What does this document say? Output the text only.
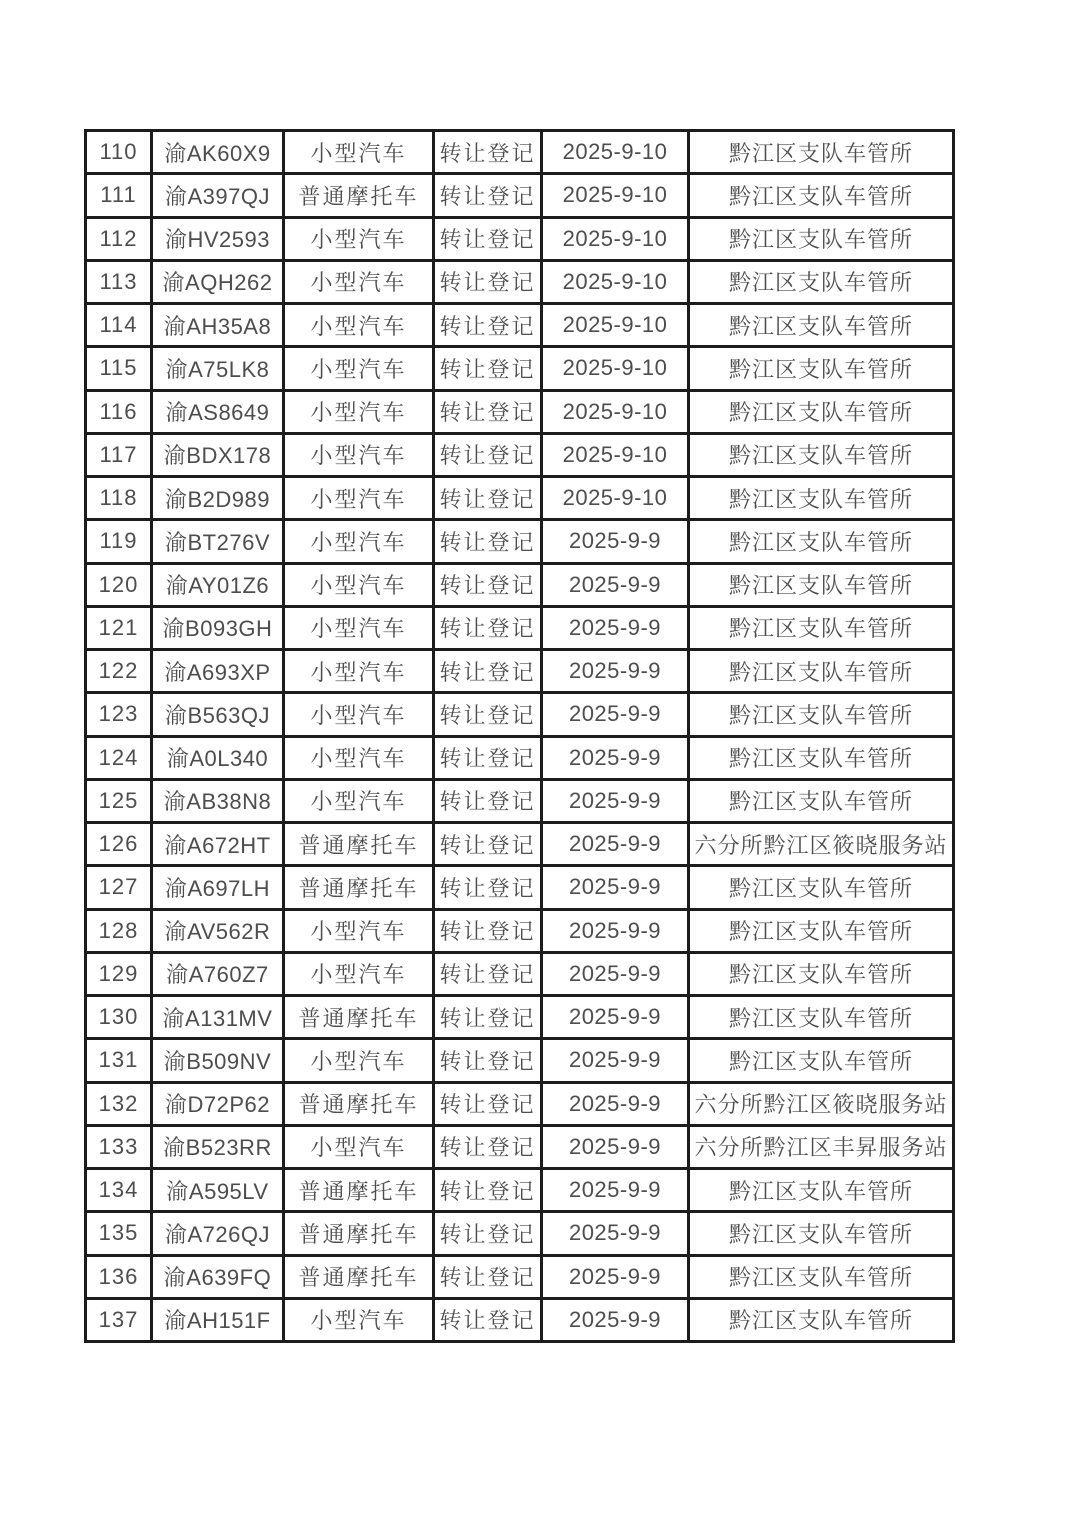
110	渝AK60X9	小型汽车	转让登记	2025-9-10	黔江区支队车管所
111	渝A397QJ	普通摩托车	转让登记	2025-9-10	黔江区支队车管所
112	渝HV2593	小型汽车	转让登记	2025-9-10	黔江区支队车管所
113	渝AQH262	小型汽车	转让登记	2025-9-10	黔江区支队车管所
114	渝AH35A8	小型汽车	转让登记	2025-9-10	黔江区支队车管所
115	渝A75LK8	小型汽车	转让登记	2025-9-10	黔江区支队车管所
116	渝AS8649	小型汽车	转让登记	2025-9-10	黔江区支队车管所
117	渝BDX178	小型汽车	转让登记	2025-9-10	黔江区支队车管所
118	渝B2D989	小型汽车	转让登记	2025-9-10	黔江区支队车管所
119	渝BT276V	小型汽车	转让登记	2025-9-9	黔江区支队车管所
120	渝AY01Z6	小型汽车	转让登记	2025-9-9	黔江区支队车管所
121	渝B093GH	小型汽车	转让登记	2025-9-9	黔江区支队车管所
122	渝A693XP	小型汽车	转让登记	2025-9-9	黔江区支队车管所
123	渝B563QJ	小型汽车	转让登记	2025-9-9	黔江区支队车管所
124	渝A0L340	小型汽车	转让登记	2025-9-9	黔江区支队车管所
125	渝AB38N8	小型汽车	转让登记	2025-9-9	黔江区支队车管所
126	渝A672HT	普通摩托车	转让登记	2025-9-9	六分所黔江区筱晓服务站
127	渝A697LH	普通摩托车	转让登记	2025-9-9	黔江区支队车管所
128	渝AV562R	小型汽车	转让登记	2025-9-9	黔江区支队车管所
129	渝A760Z7	小型汽车	转让登记	2025-9-9	黔江区支队车管所
130	渝A131MV	普通摩托车	转让登记	2025-9-9	黔江区支队车管所
131	渝B509NV	小型汽车	转让登记	2025-9-9	黔江区支队车管所
132	渝D72P62	普通摩托车	转让登记	2025-9-9	六分所黔江区筱晓服务站
133	渝B523RR	小型汽车	转让登记	2025-9-9	六分所黔江区丰昇服务站
134	渝A595LV	普通摩托车	转让登记	2025-9-9	黔江区支队车管所
135	渝A726QJ	普通摩托车	转让登记	2025-9-9	黔江区支队车管所
136	渝A639FQ	普通摩托车	转让登记	2025-9-9	黔江区支队车管所
137	渝AH151F	小型汽车	转让登记	2025-9-9	黔江区支队车管所
